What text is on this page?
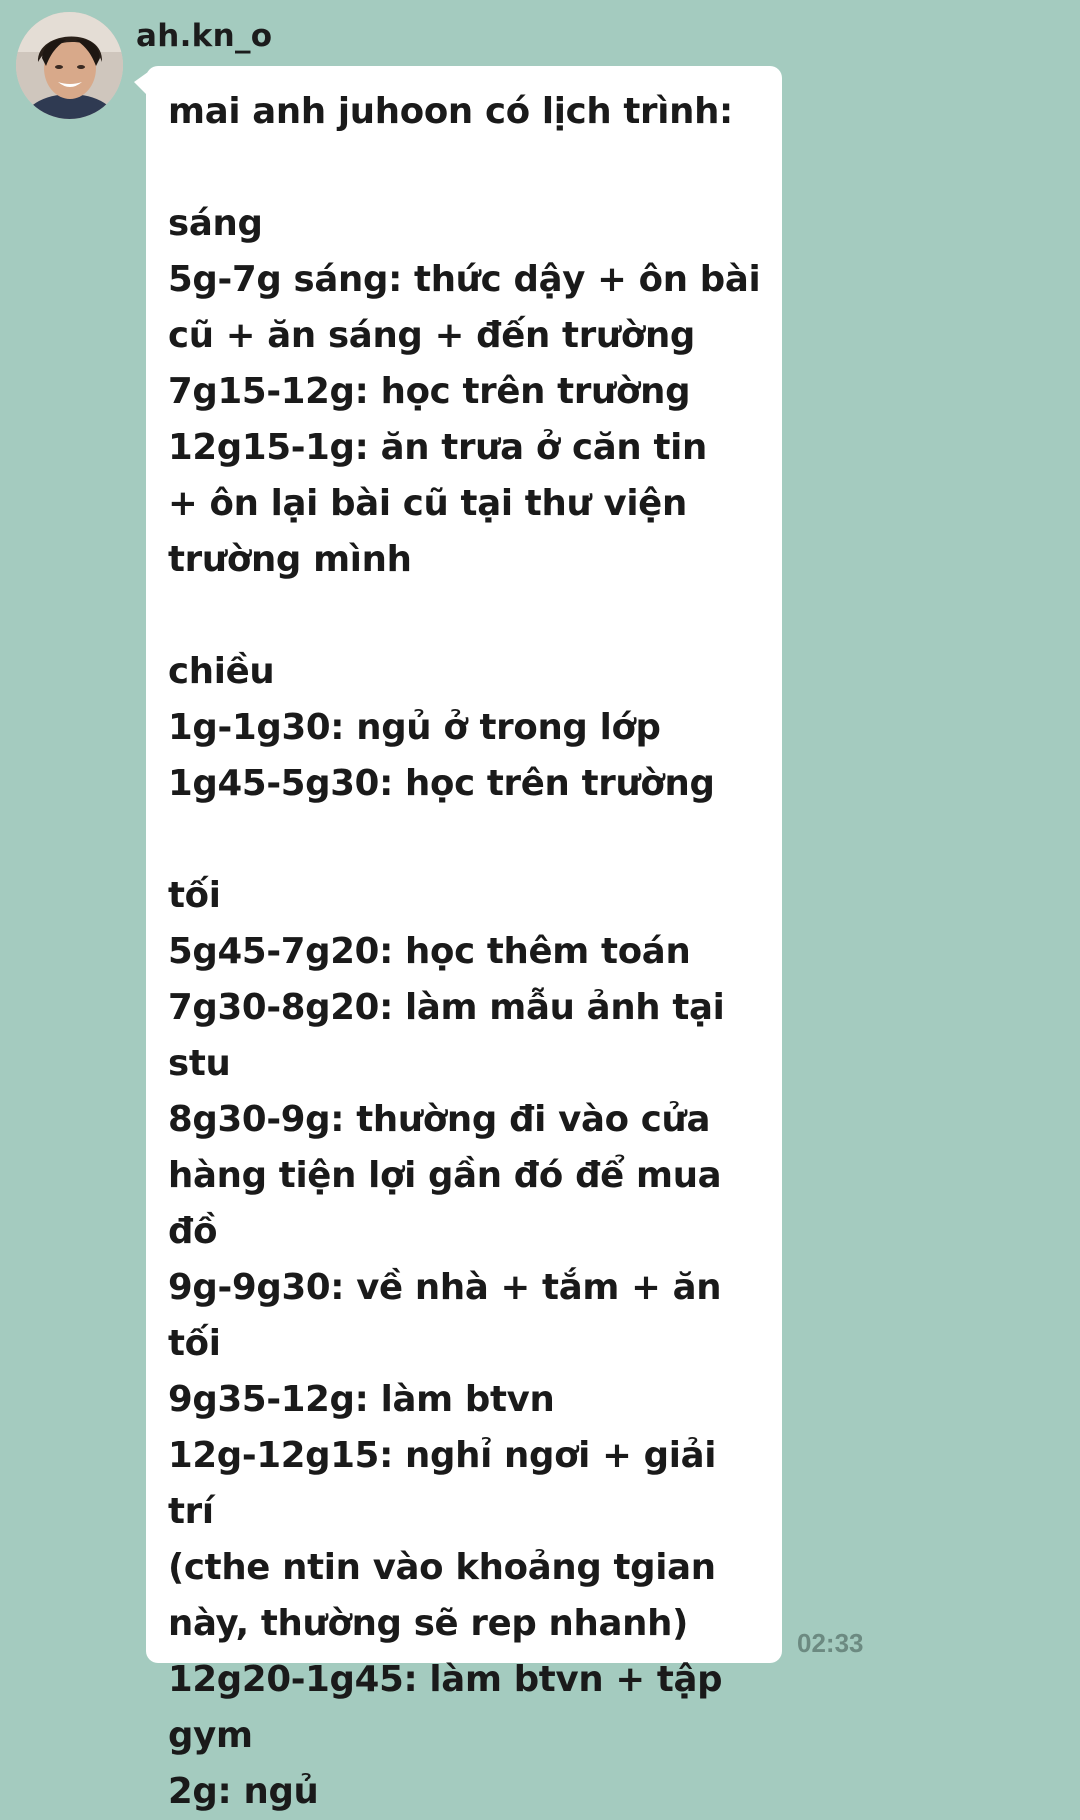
ah.kn_o
mai anh juhoon có lịch trình:

sáng
5g-7g sáng: thức dậy + ôn bài
cũ + ăn sáng + đến trường
7g15-12g: học trên trường
12g15-1g: ăn trưa ở căn tin
+ ôn lại bài cũ tại thư viện
trường mình

chiều
1g-1g30: ngủ ở trong lớp
1g45-5g30: học trên trường

tối
5g45-7g20: học thêm toán
7g30-8g20: làm mẫu ảnh tại
stu
8g30-9g: thường đi vào cửa
hàng tiện lợi gần đó để mua đồ
9g-9g30: về nhà + tắm + ăn tối
9g35-12g: làm btvn
12g-12g15: nghỉ ngơi + giải trí
(cthe ntin vào khoảng tgian
này, thường sẽ rep nhanh)
12g20-1g45: làm btvn + tập
gym
2g: ngủ
02:33
